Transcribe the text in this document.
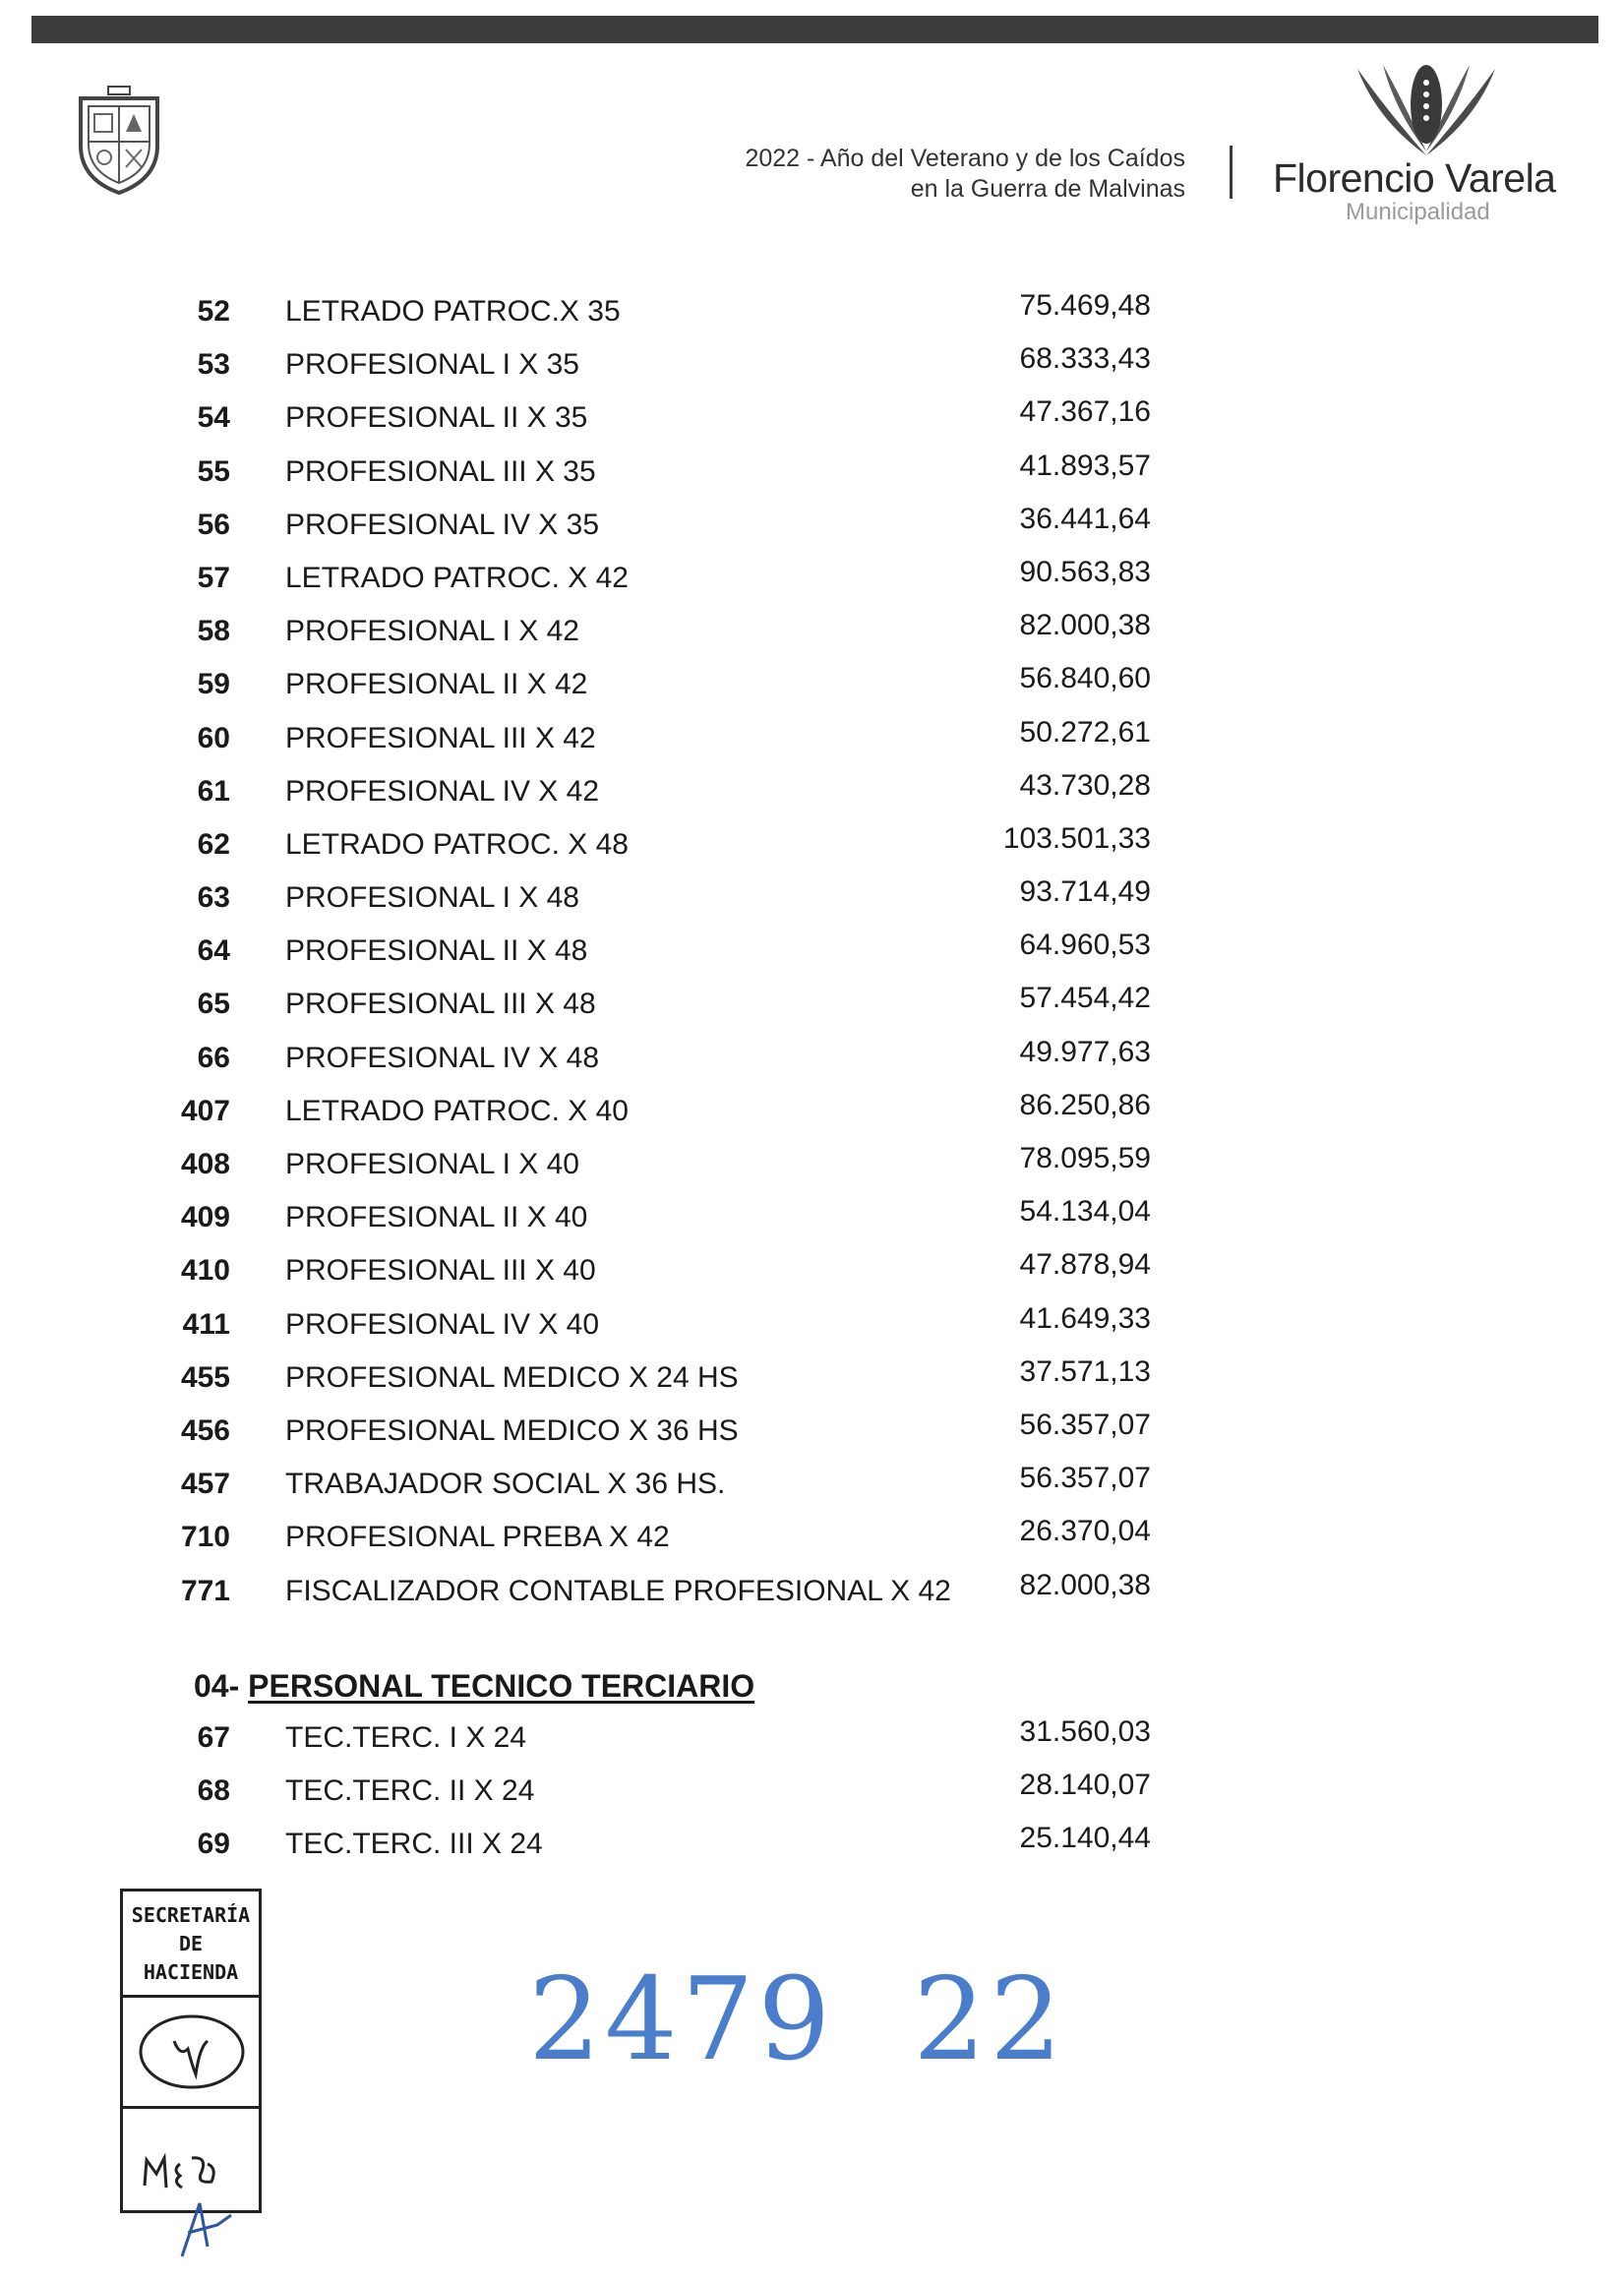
2022 - Año del Veterano y de los Caídos
en la Guerra de Malvinas Florencio Varela
Municipalidad
52 LETRADO PATROC.X 35	75.469,48
53 PROFESIONAL I X 35	68.333,43
54 PROFESIONAL II X 35	47.367,16
55 PROFESIONAL III X 35	41.893,57
56 PROFESIONAL IV X 35	36.441,64
57 LETRADO PATROC. X 42	90.563,83
58 PROFESIONAL I X 42	82.000,38
59 PROFESIONAL II X 42	56.840,60
60 PROFESIONAL III X 42	50.272,61
61 PROFESIONAL IV X 42	43.730,28
62 LETRADO PATROC. X 48	103.501,33
63 PROFESIONAL I X 48	93.714,49
64 PROFESIONAL II X 48	64.960,53
65 PROFESIONAL III X 48	57.454,42
66 PROFESIONAL IV X 48	49.977,63
407 LETRADO PATROC. X 40	86.250,86
408 PROFESIONAL I X 40	78.095,59
409 PROFESIONAL II X 40	54.134,04
410 PROFESIONAL III X 40	47.878,94
411 PROFESIONAL IV X 40	41.649,33
455 PROFESIONAL MEDICO X 24 HS	37.571,13
456 PROFESIONAL MEDICO X 36 HS	56.357,07
457 TRABAJADOR SOCIAL X 36 HS.	56.357,07
710 PROFESIONAL PREBA X 42	26.370,04
771 FISCALIZADOR CONTABLE PROFESIONAL X 42	82.000,38
04- PERSONAL TECNICO TERCIARIO
67 TEC.TERC. I X 24	31.560,03
68 TEC.TERC. II X 24	28.140,07
69 TEC.TERC. III X 24	25.140,44
SECRETARÍA
DE
HACIENDA	2479 22
